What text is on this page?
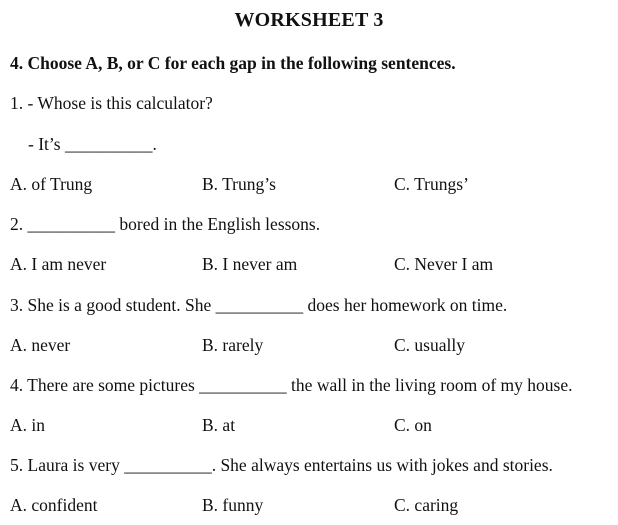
WORKSHEET 3
4. Choose A, B, or C for each gap in the following sentences.
1. - Whose is this calculator?
- It’s __________.
A. of Trung	B. Trung’s	C. Trungs’
2. __________ bored in the English lessons.
A. I am never	B. I never am	C. Never I am
3. She is a good student. She __________ does her homework on time.
A. never	B. rarely	C. usually
4. There are some pictures __________ the wall in the living room of my house.
A. in	B. at	C. on
5. Laura is very __________. She always entertains us with jokes and stories.
A. confident	B. funny	C. caring
